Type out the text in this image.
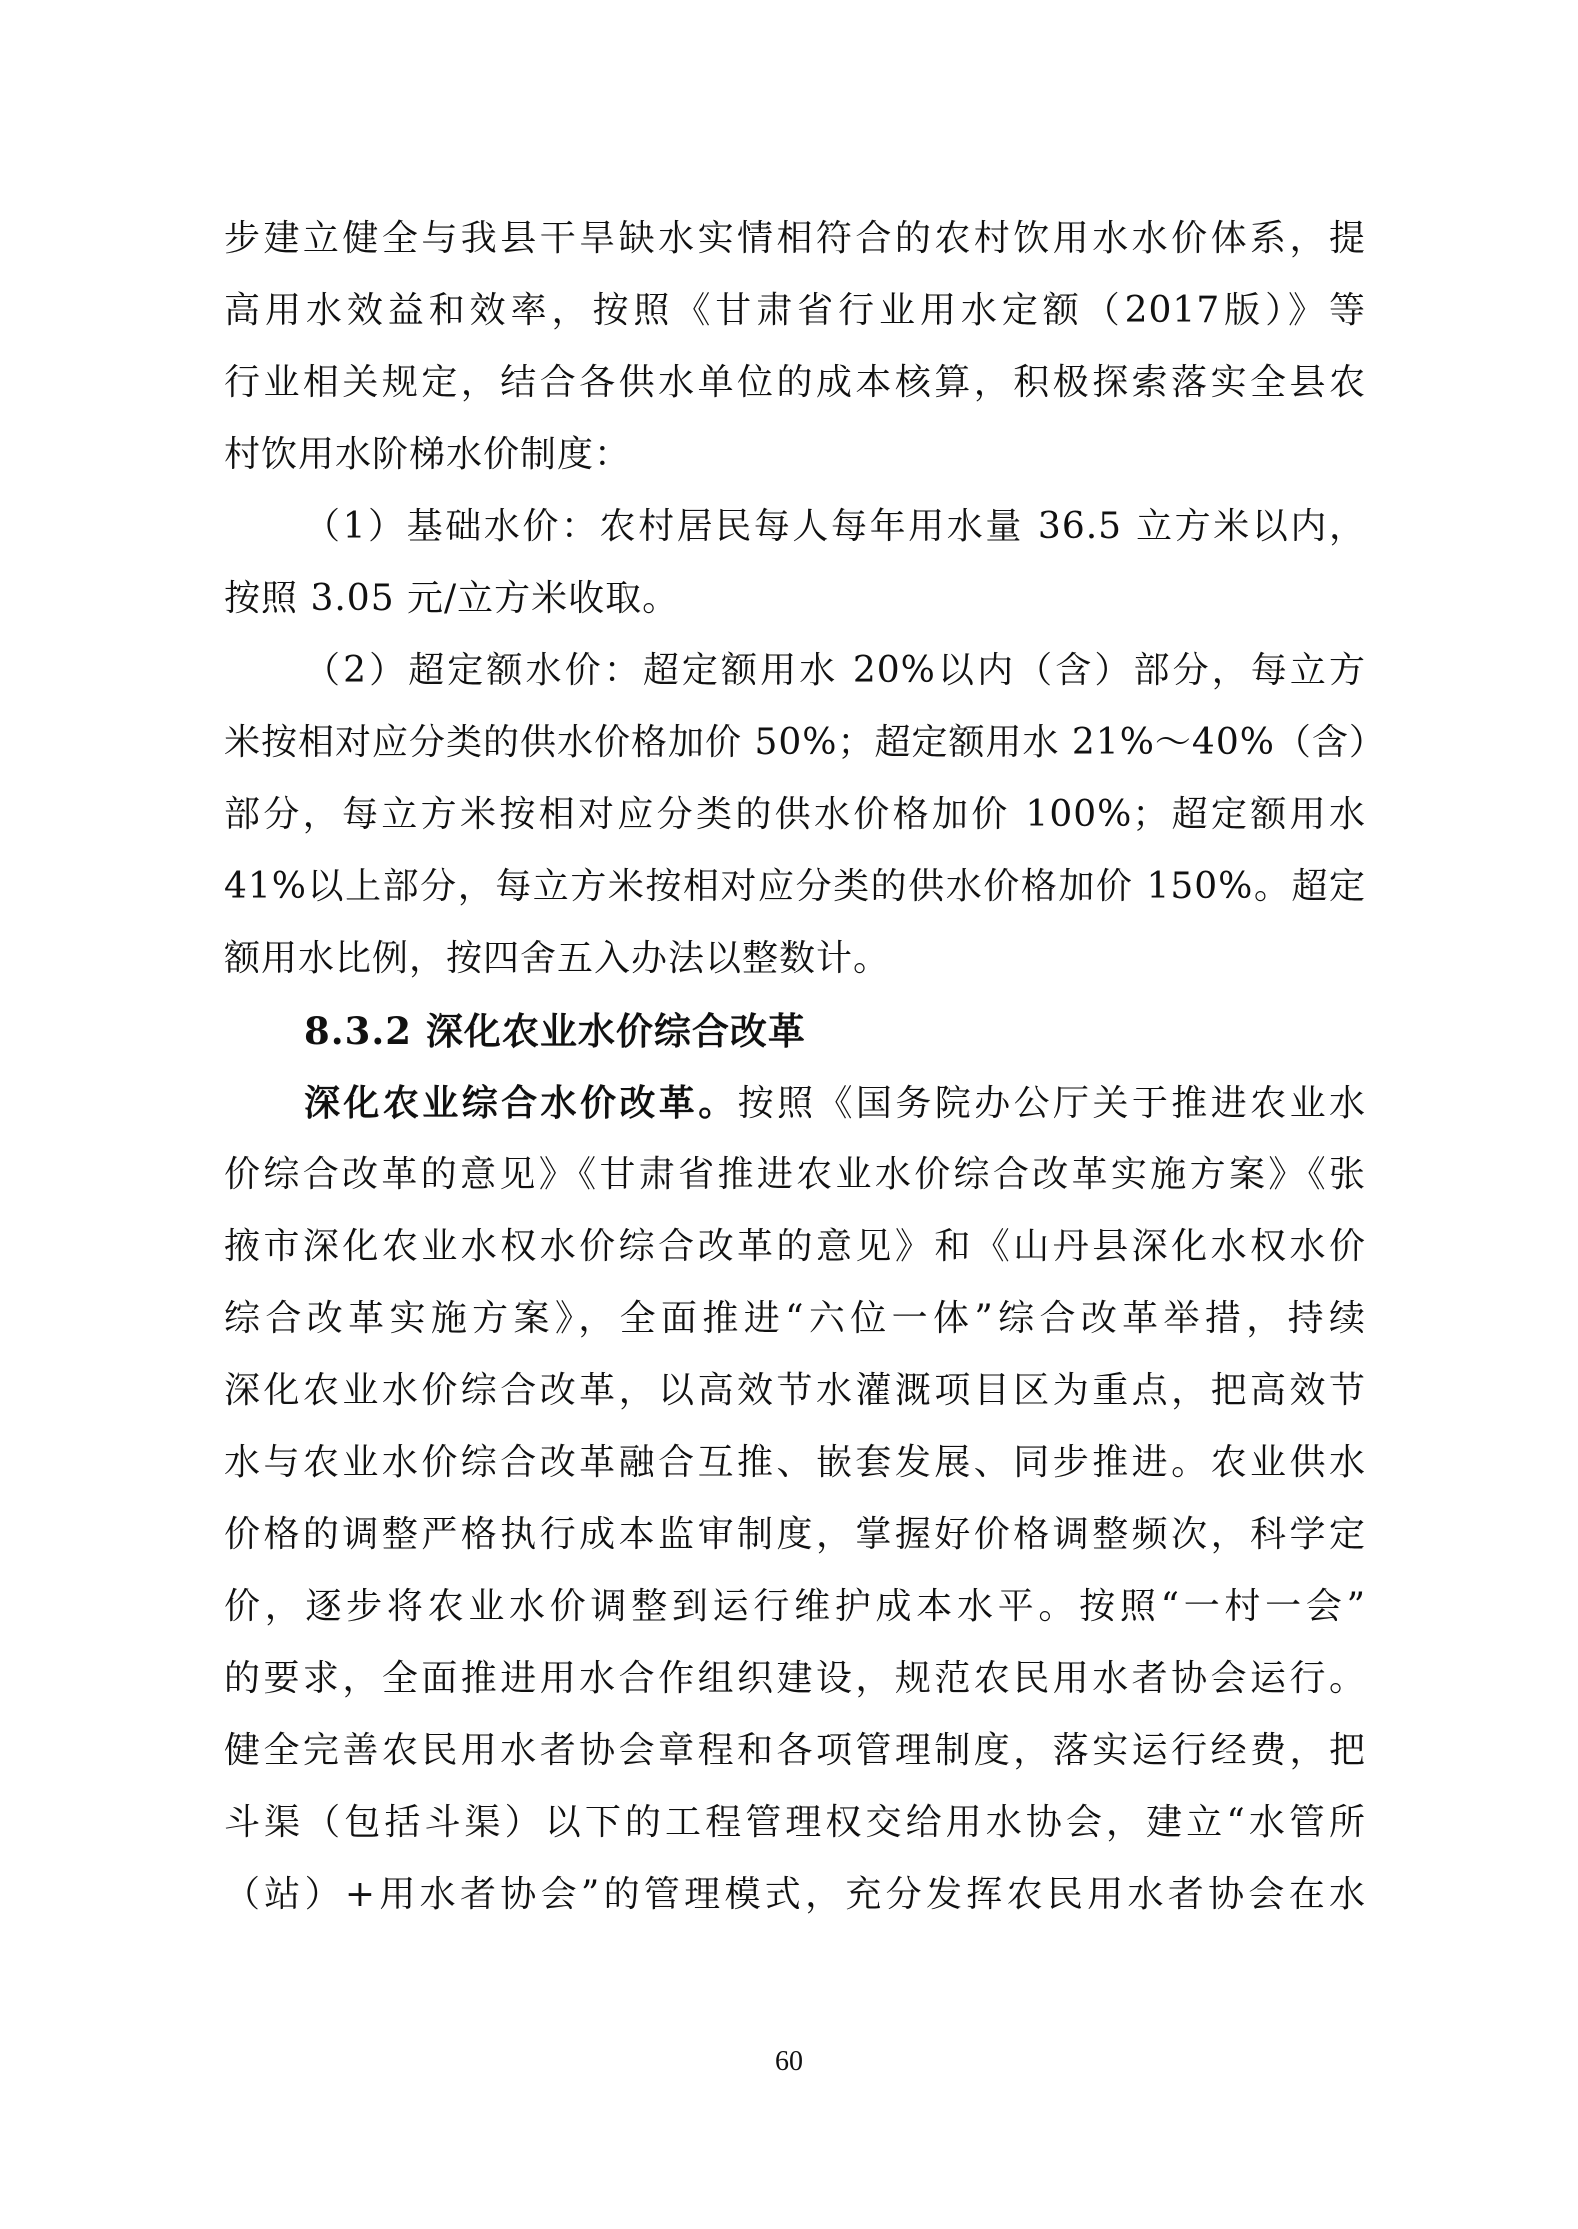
步建立健全与我县干旱缺水实情相符合的农村饮用水水价体系，提
高用水效益和效率，按照《甘肃省行业用水定额（2017版）》等
行业相关规定，结合各供水单位的成本核算，积极探索落实全县农
村饮用水阶梯水价制度：
（1）基础水价：农村居民每人每年用水量 36.5 立方米以内，
按照 3.05 元/立方米收取。
（2）超定额水价：超定额用水 20%以内（含）部分，每立方
米按相对应分类的供水价格加价 50%；超定额用水 21%～40%（含）
部分，每立方米按相对应分类的供水价格加价 100%；超定额用水
41%以上部分，每立方米按相对应分类的供水价格加价 150%。超定
额用水比例，按四舍五入办法以整数计。
8.3.2 深化农业水价综合改革
深化农业综合水价改革。按照《国务院办公厅关于推进农业水
价综合改革的意见》《甘肃省推进农业水价综合改革实施方案》《张
掖市深化农业水权水价综合改革的意见》和《山丹县深化水权水价
综合改革实施方案》，全面推进“六位一体”综合改革举措，持续
深化农业水价综合改革，以高效节水灌溉项目区为重点，把高效节
水与农业水价综合改革融合互推、嵌套发展、同步推进。农业供水
价格的调整严格执行成本监审制度，掌握好价格调整频次，科学定
价，逐步将农业水价调整到运行维护成本水平。按照“一村一会”
的要求，全面推进用水合作组织建设，规范农民用水者协会运行。
健全完善农民用水者协会章程和各项管理制度，落实运行经费，把
斗渠（包括斗渠）以下的工程管理权交给用水协会，建立“水管所
（站）+用水者协会”的管理模式，充分发挥农民用水者协会在水
60
